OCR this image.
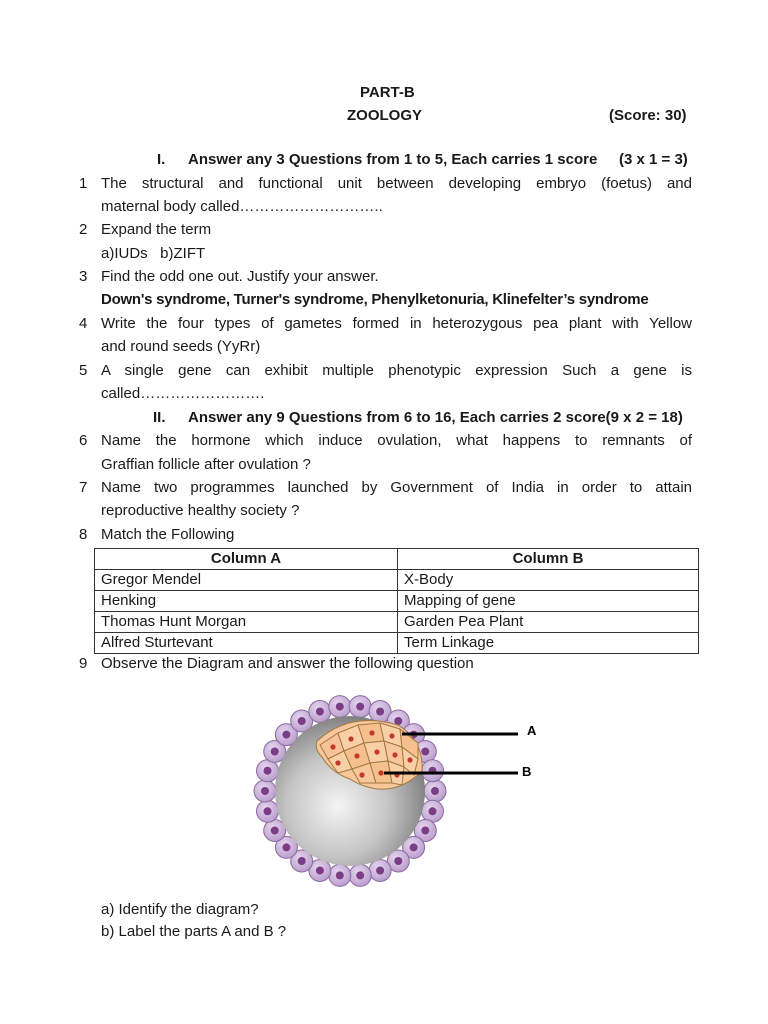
PART-B
ZOOLOGY	(Score: 30)
I. Answer any 3 Questions from 1 to 5, Each carries 1 score (3 x 1 = 3)
1 The structural and functional unit between developing embryo (foetus) and
maternal body called………………………..
2 Expand the term
a)IUDs   b)ZIFT
3 Find the odd one out. Justify your answer.
Down's syndrome, Turner's syndrome, Phenylketonuria, Klinefelter’s syndrome
4 Write the four types of gametes formed in heterozygous pea plant with Yellow
and round seeds (YyRr)
5 A single gene can exhibit multiple phenotypic expression Such a gene is
called…………………….
II. Answer any 9 Questions from 6 to 16, Each carries 2 score(9 x 2 = 18)
6 Name the hormone which induce ovulation, what happens to remnants of
Graffian follicle after ovulation ?
7 Name two programmes launched by Government of India in order to attain
reproductive healthy society ?
8 Match the Following
Column A	Column B
Gregor Mendel	X-Body
Henking	Mapping of gene
Thomas Hunt Morgan	Garden Pea Plant
Alfred Sturtevant	Term Linkage
9 Observe the Diagram and answer the following question
A
B
a) Identify the diagram?
b) Label the parts A and B ?
